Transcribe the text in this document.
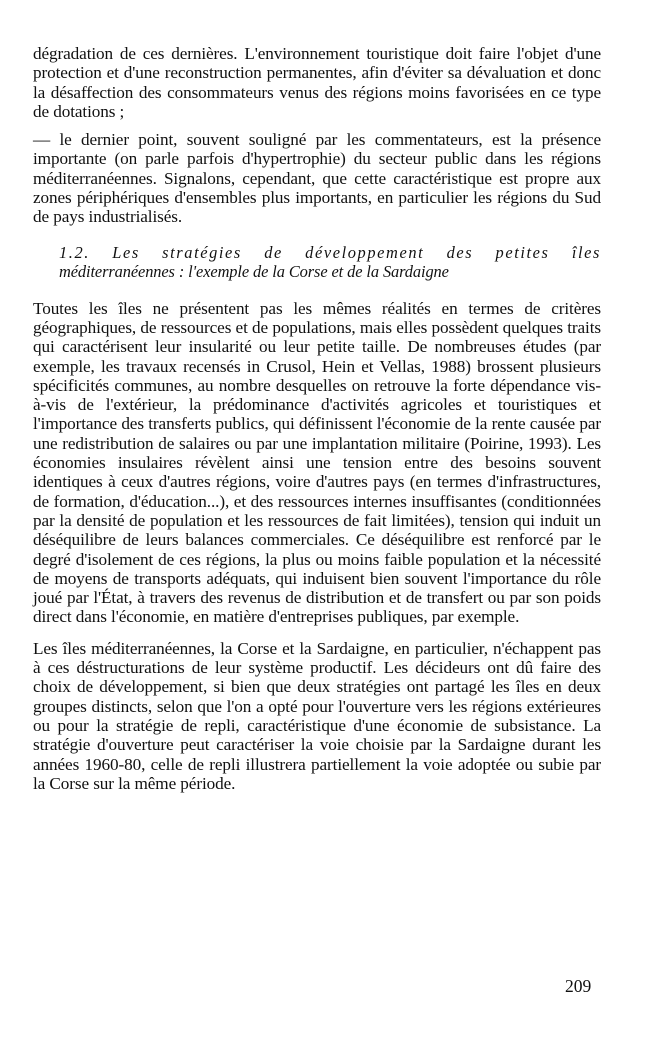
dégradation de ces dernières. L'environnement touristique doit faire l'objet d'une protection et d'une reconstruction permanentes, afin d'éviter sa dévaluation et donc la désaffection des consommateurs venus des régions moins favorisées en ce type de dotations ;

— le dernier point, souvent souligné par les commentateurs, est la présence importante (on parle parfois d'hypertrophie) du secteur public dans les régions méditerranéennes. Signalons, cependant, que cette caractéristique est propre aux zones périphériques d'ensembles plus importants, en particulier les régions du Sud de pays industrialisés.

1.2. Les stratégies de développement des petites îles
méditerranéennes : l'exemple de la Corse et de la Sardaigne

Toutes les îles ne présentent pas les mêmes réalités en termes de critères géographiques, de ressources et de populations, mais elles possèdent quelques traits qui caractérisent leur insularité ou leur petite taille. De nombreuses études (par exemple, les travaux recensés in Crusol, Hein et Vellas, 1988) brossent plusieurs spécificités communes, au nombre desquelles on retrouve la forte dépendance vis-à-vis de l'extérieur, la prédominance d'activités agricoles et touristiques et l'importance des transferts publics, qui définissent l'économie de la rente causée par une redistribution de salaires ou par une implantation militaire (Poirine, 1993). Les économies insulaires révèlent ainsi une tension entre des besoins souvent identiques à ceux d'autres régions, voire d'autres pays (en termes d'infrastructures, de formation, d'éducation...), et des ressources internes insuffisantes (conditionnées par la densité de population et les ressources de fait limitées), tension qui induit un déséquilibre de leurs balances commerciales. Ce déséquilibre est renforcé par le degré d'isolement de ces régions, la plus ou moins faible population et la nécessité de moyens de transports adéquats, qui induisent bien souvent l'importance du rôle joué par l'État, à travers des revenus de distribution et de transfert ou par son poids direct dans l'économie, en matière d'entreprises publiques, par exemple.

Les îles méditerranéennes, la Corse et la Sardaigne, en particulier, n'échappent pas à ces déstructurations de leur système productif. Les décideurs ont dû faire des choix de développement, si bien que deux stratégies ont partagé les îles en deux groupes distincts, selon que l'on a opté pour l'ouverture vers les régions extérieures ou pour la stratégie de repli, caractéristique d'une économie de subsistance. La stratégie d'ouverture peut caractériser la voie choisie par la Sardaigne durant les années 1960-80, celle de repli illustrera partiellement la voie adoptée ou subie par la Corse sur la même période.

209
